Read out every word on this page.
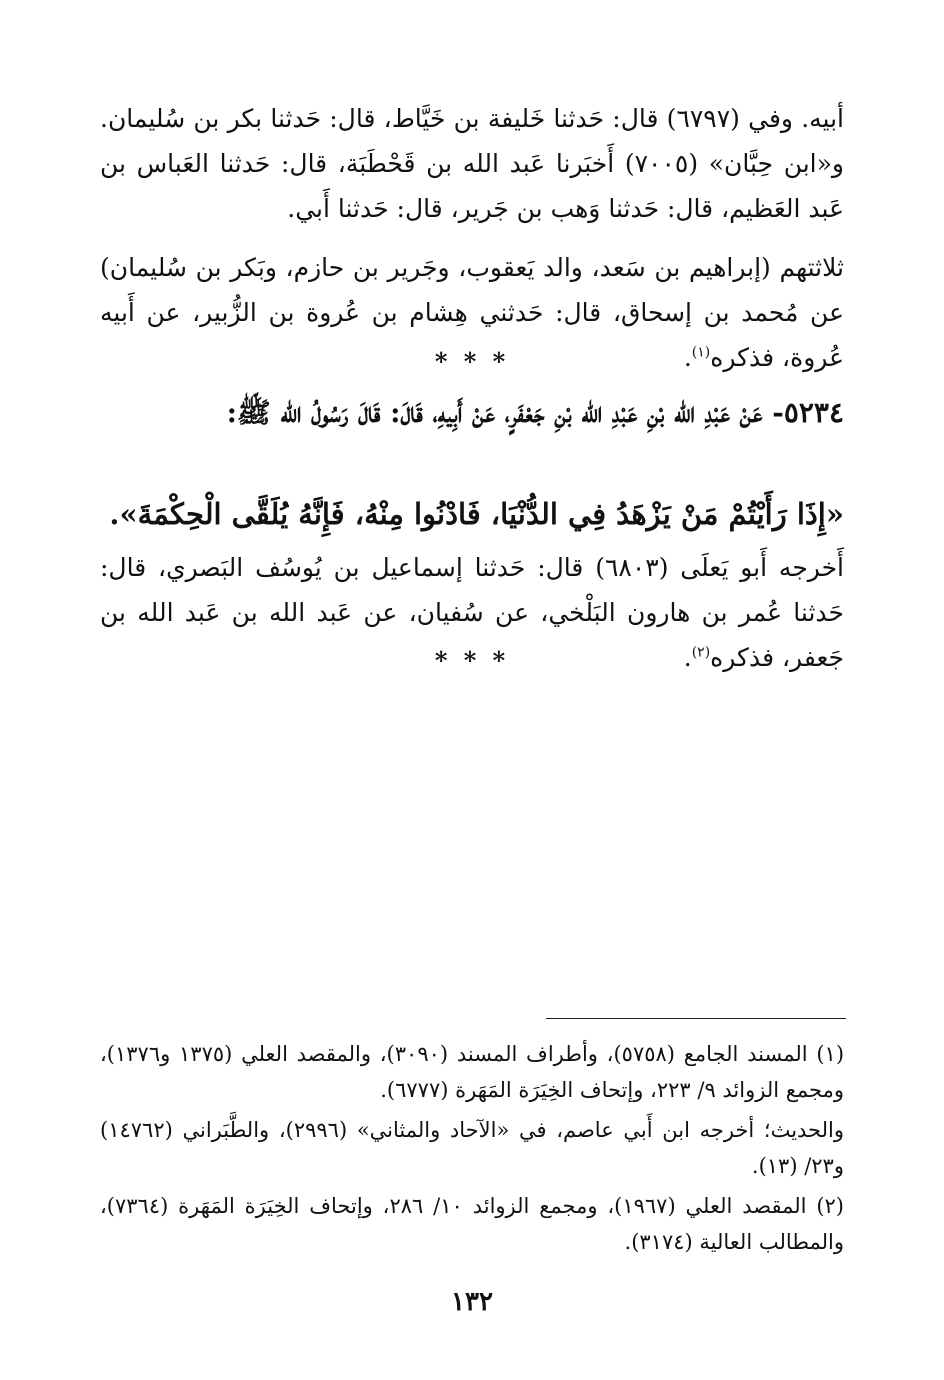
أبيه. وفي (٦٧٩٧) قال: حَدثنا خَليفة بن خَيَّاط، قال: حَدثنا بكر بن سُليمان. و«ابن حِبَّان» (٧٠٠٥) أَخبَرنا عَبد الله بن قَحْطَبَة، قال: حَدثنا العَباس بن عَبد العَظيم، قال: حَدثنا وَهب بن جَرير، قال: حَدثنا أَبي.
ثلاثتهم (إبراهيم بن سَعد، والد يَعقوب، وجَرير بن حازم، وبَكر بن سُليمان) عن مُحمد بن إسحاق، قال: حَدثني هِشام بن عُروة بن الزُّبير، عن أَبيه عُروة، فذكره$^{(١)}$.
* * *
٥٢٣٤- عَنْ عَبْدِ الله بْنِ عَبْدِ الله بْنِ جَعْفَرٍ، عَنْ أَبِيهِ، قَالَ: قَالَ رَسُولُ الله ﷺ:
«إِذَا رَأَيْتُمْ مَنْ يَزْهَدُ فِي الدُّنْيَا، فَادْنُوا مِنْهُ، فَإِنَّهُ يُلَقَّى الْحِكْمَةَ».
أَخرجه أَبو يَعلَى (٦٨٠٣) قال: حَدثنا إسماعيل بن يُوسُف البَصري، قال: حَدثنا عُمر بن هارون البَلْخي، عن سُفيان، عن عَبد الله بن عَبد الله بن جَعفر، فذكره$^{(٢)}$.
* * *
(١) المسند الجامع (٥٧٥٨)، وأطراف المسند (٣٠٩٠)، والمقصد العلي (١٣٧٥ و١٣٧٦)، ومجمع الزوائد ٩/ ٢٢٣، وإتحاف الخِيَرَة المَهَرة (٦٧٧٧).
والحديث؛ أخرجه ابن أَبي عاصم، في «الآحاد والمثاني» (٢٩٩٦)، والطَّبَراني (١٤٧٦٢) و٢٣/ (١٣).
(٢) المقصد العلي (١٩٦٧)، ومجمع الزوائد ١٠/ ٢٨٦، وإتحاف الخِيَرَة المَهَرة (٧٣٦٤)، والمطالب العالية (٣١٧٤).
١٣٢
